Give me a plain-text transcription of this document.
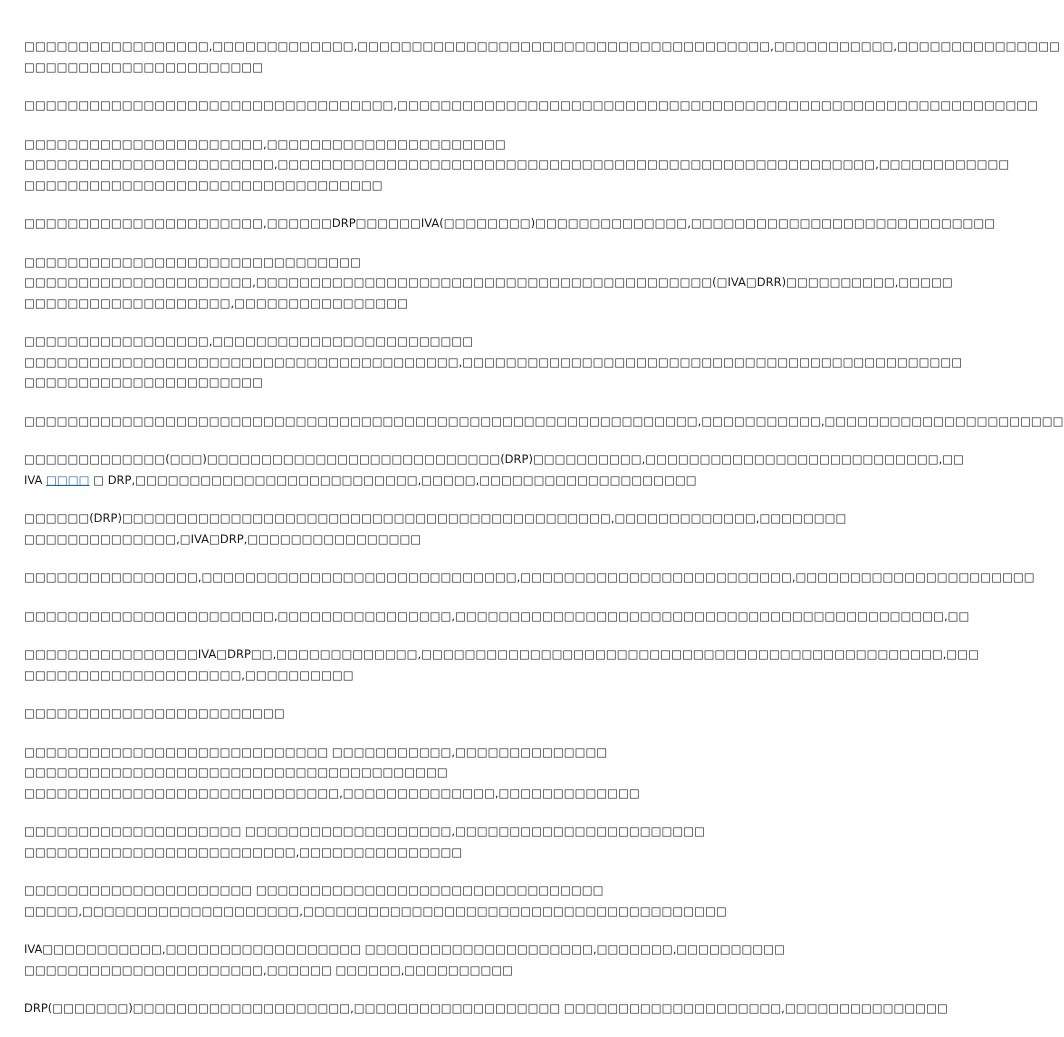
□□□□□□□□□□□□□□□□□,□□□□□□□□□□□□□,□□□□□□□□□□□□□□□□□□□□□□□□□□□□□□□□□□□□□□,□□□□□□□□□□□,□□□□□□□□□□□□□□□
□□□□□□□□□□□□□□□□□□□□□□

□□□□□□□□□□□□□□□□□□□□□□□□□□□□□□□□□□,□□□□□□□□□□□□□□□□□□□□□□□□□□□□□□□□□□□□□□□□□□□□□□□□□□□□□□□□□□□

□□□□□□□□□□□□□□□□□□□□□□,□□□□□□□□□□□□□□□□□□□□□□
□□□□□□□□□□□□□□□□□□□□□□□,□□□□□□□□□□□□□□□□□□□□□□□□□□□□□□□□□□□□□□□□□□□□□□□□□□□□□□□,□□□□□□□□□□□□
□□□□□□□□□□□□□□□□□□□□□□□□□□□□□□□□□

□□□□□□□□□□□□□□□□□□□□□□,□□□□□□DRP□□□□□□IVA(□□□□□□□□)□□□□□□□□□□□□□□,□□□□□□□□□□□□□□□□□□□□□□□□□□□□

□□□□□□□□□□□□□□□□□□□□□□□□□□□□□□□
□□□□□□□□□□□□□□□□□□□□□,□□□□□□□□□□□□□□□□□□□□□□□□□□□□□□□□□□□□□□□□□□(□IVA□DRR)□□□□□□□□□□,□□□□□
□□□□□□□□□□□□□□□□□□□,□□□□□□□□□□□□□□□□

□□□□□□□□□□□□□□□□□,□□□□□□□□□□□□□□□□□□□□□□□□
□□□□□□□□□□□□□□□□□□□□□□□□□□□□□□□□□□□□□□□□,□□□□□□□□□□□□□□□□□□□□□□□□□□□□□□□□□□□□□□□□□□□□□□
□□□□□□□□□□□□□□□□□□□□□□

□□□□□□□□□□□□□□□□□□□□□□□□□□□□□□□□□□□□□□□□□□□□□□□□□□□□□□□□□□□□□□,□□□□□□□□□□□,□□□□□□□□□□□□□□□□□□□□□□

□□□□□□□□□□□□□(□□□)□□□□□□□□□□□□□□□□□□□□□□□□□□□(DRP)□□□□□□□□□□,□□□□□□□□□□□□□□□□□□□□□□□□□□□,□□
IVA □□□□ □ DRP,□□□□□□□□□□□□□□□□□□□□□□□□□□,□□□□□,□□□□□□□□□□□□□□□□□□□□

□□□□□□(DRP)□□□□□□□□□□□□□□□□□□□□□□□□□□□□□□□□□□□□□□□□□□□□□,□□□□□□□□□□□□□,□□□□□□□□
□□□□□□□□□□□□□□,□IVA□DRP,□□□□□□□□□□□□□□□□

□□□□□□□□□□□□□□□□,□□□□□□□□□□□□□□□□□□□□□□□□□□□□□,□□□□□□□□□□□□□□□□□□□□□□□□□,□□□□□□□□□□□□□□□□□□□□□□

□□□□□□□□□□□□□□□□□□□□□□□,□□□□□□□□□□□□□□□□,□□□□□□□□□□□□□□□□□□□□□□□□□□□□□□□□□□□□□□□□□□□□□,□□

□□□□□□□□□□□□□□□□IVA□DRP□□,□□□□□□□□□□□□□,□□□□□□□□□□□□□□□□□□□□□□□□□□□□□□□□□□□□□□□□□□□□□□□□,□□□
□□□□□□□□□□□□□□□□□□□□,□□□□□□□□□□

□□□□□□□□□□□□□□□□□□□□□□□□

□□□□□□□□□□□□□□□□□□□□□□□□□□□□ □□□□□□□□□□□,□□□□□□□□□□□□□□
□□□□□□□□□□□□□□□□□□□□□□□□□□□□□□□□□□□□□□□
□□□□□□□□□□□□□□□□□□□□□□□□□□□□□,□□□□□□□□□□□□□□,□□□□□□□□□□□□□

□□□□□□□□□□□□□□□□□□□□ □□□□□□□□□□□□□□□□□□□,□□□□□□□□□□□□□□□□□□□□□□□
□□□□□□□□□□□□□□□□□□□□□□□□□,□□□□□□□□□□□□□□□

□□□□□□□□□□□□□□□□□□□□□ □□□□□□□□□□□□□□□□□□□□□□□□□□□□□□□□
□□□□□,□□□□□□□□□□□□□□□□□□□□,□□□□□□□□□□□□□□□□□□□□□□□□□□□□□□□□□□□□□□□

IVA□□□□□□□□□□□,□□□□□□□□□□□□□□□□□□ □□□□□□□□□□□□□□□□□□□□□,□□□□□□□,□□□□□□□□□□
□□□□□□□□□□□□□□□□□□□□□□,□□□□□□ □□□□□□,□□□□□□□□□□

DRP(□□□□□□□)□□□□□□□□□□□□□□□□□□□□,□□□□□□□□□□□□□□□□□□□ □□□□□□□□□□□□□□□□□□□□,□□□□□□□□□□□□□□□
